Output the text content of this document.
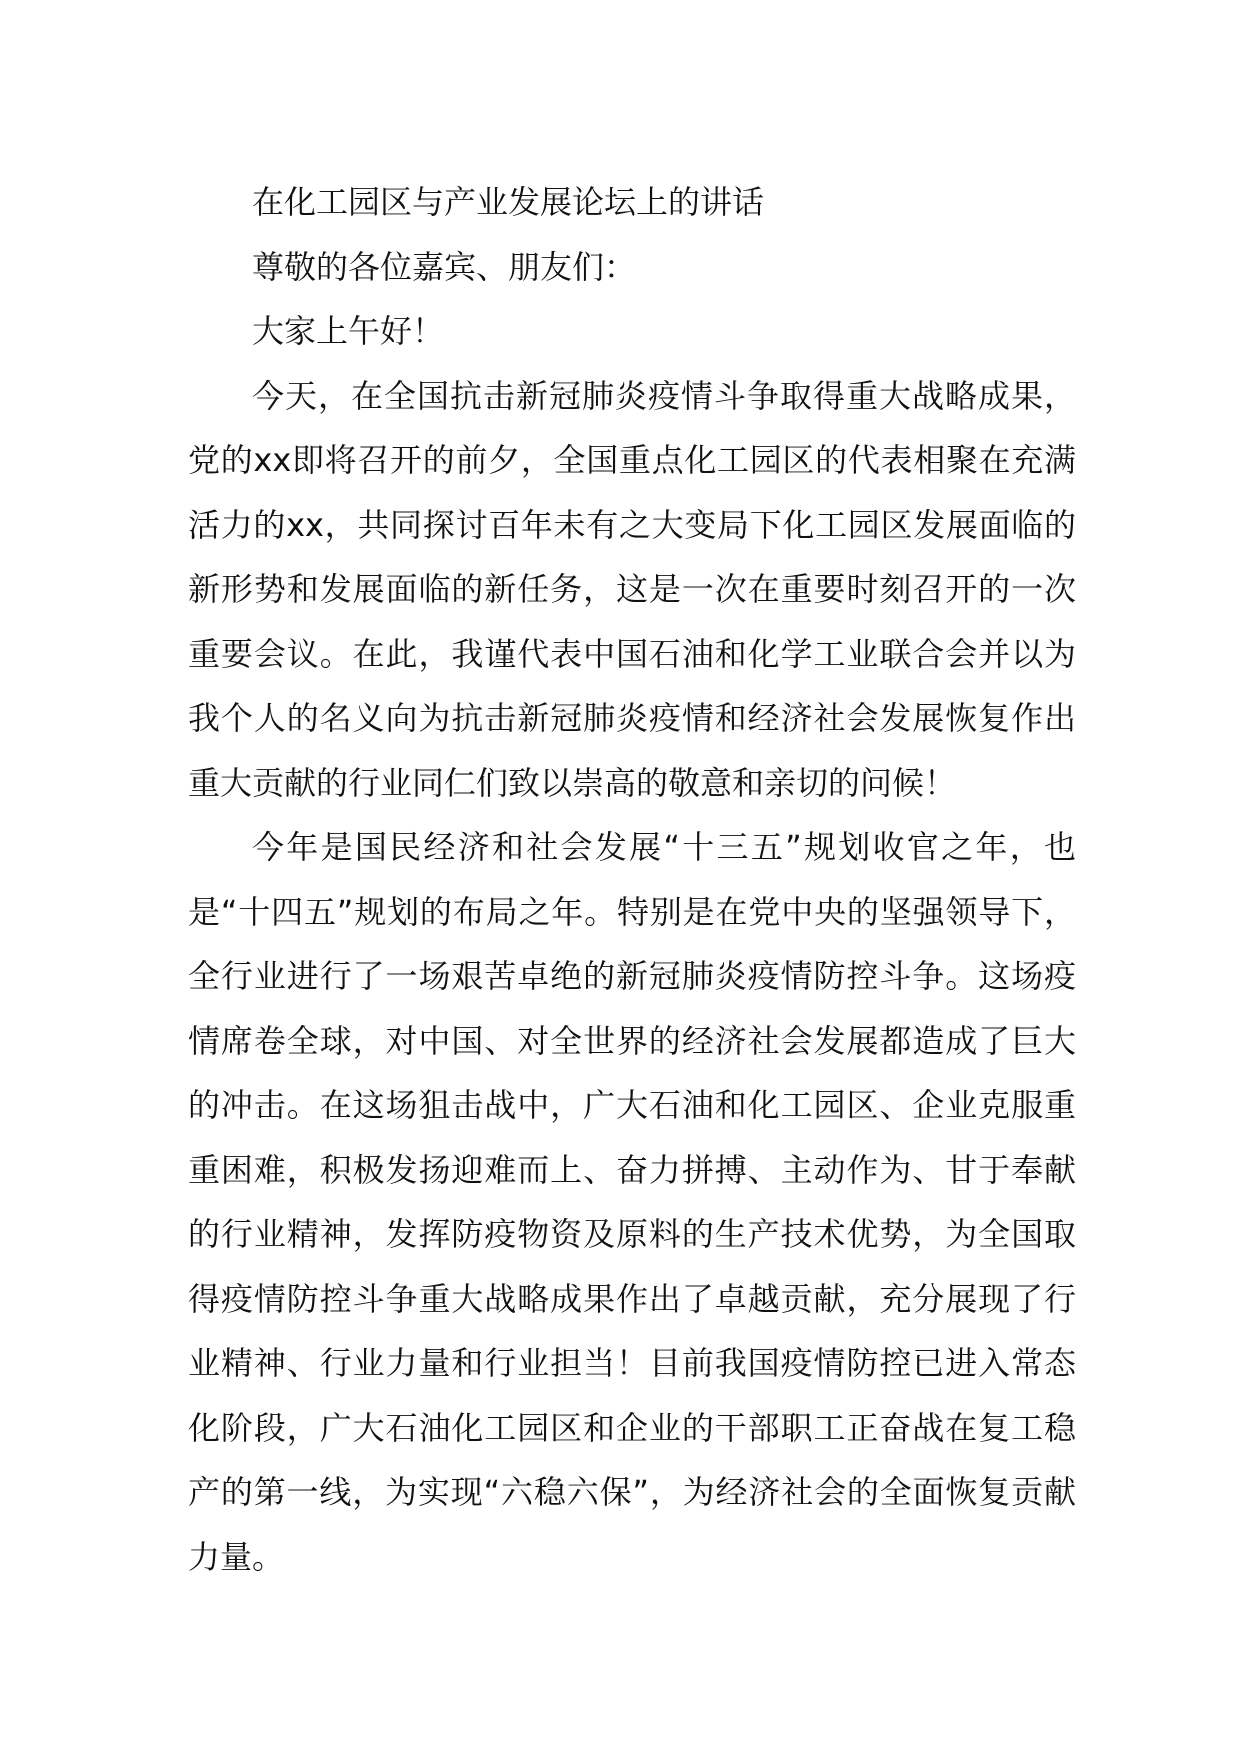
在化工园区与产业发展论坛上的讲话

尊敬的各位嘉宾、朋友们：

大家上午好！

今天，在全国抗击新冠肺炎疫情斗争取得重大战略成果，党的xx即将召开的前夕，全国重点化工园区的代表相聚在充满活力的xx，共同探讨百年未有之大变局下化工园区发展面临的新形势和发展面临的新任务，这是一次在重要时刻召开的一次重要会议。在此，我谨代表中国石油和化学工业联合会并以为我个人的名义向为抗击新冠肺炎疫情和经济社会发展恢复作出重大贡献的行业同仁们致以崇高的敬意和亲切的问候！

今年是国民经济和社会发展“十三五”规划收官之年，也是“十四五”规划的布局之年。特别是在党中央的坚强领导下，全行业进行了一场艰苦卓绝的新冠肺炎疫情防控斗争。这场疫情席卷全球，对中国、对全世界的经济社会发展都造成了巨大的冲击。在这场狙击战中，广大石油和化工园区、企业克服重重困难，积极发扬迎难而上、奋力拼搏、主动作为、甘于奉献的行业精神，发挥防疫物资及原料的生产技术优势，为全国取得疫情防控斗争重大战略成果作出了卓越贡献，充分展现了行业精神、行业力量和行业担当！目前我国疫情防控已进入常态化阶段，广大石油化工园区和企业的干部职工正奋战在复工稳产的第一线，为实现“六稳六保”，为经济社会的全面恢复贡献力量。
